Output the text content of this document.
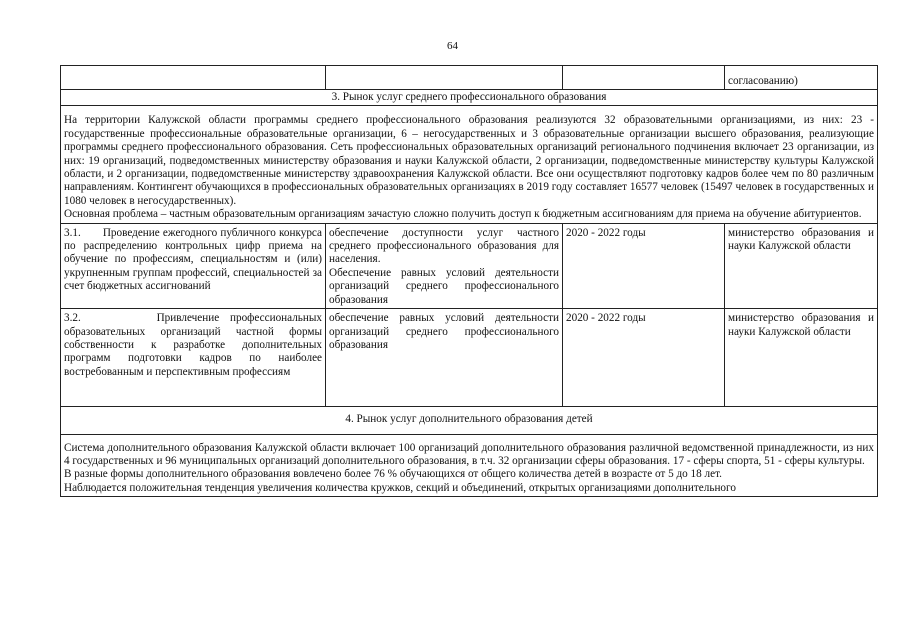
64
			согласованию)
3. Рынок услуг среднего профессионального образования			

На территории Калужской области программы среднего профессионального образования реализуются 32 образовательными организациями, из них: 23 - государственные профессиональные образовательные организации, 6 – негосударственных и 3 образовательные организации высшего образования, реализующие программы среднего профессионального образования. Сеть профессиональных образовательных организаций регионального подчинения включает 23 организации, из них: 19 организаций, подведомственных министерству образования и науки Калужской области, 2 организации, подведомственные министерству культуры Калужской области, и 2 организации, подведомственные министерству здравоохранения Калужской области. Все они осуществляют подготовку кадров более чем по 80 различным направлениям. Контингент обучающихся в профессиональных образовательных организациях в 2019 году составляет 16577 человек (15497 человек в государственных и 1080 человек в негосударственных).

Основная проблема – частным образовательным организациям зачастую сложно получить доступ к бюджетным ассигнованиям для приема на обучение абитуриентов.			

3.1.       Проведение ежегодного публичного конкурса по распределению контрольных цифр приема на обучение по профессиям, специальностям и (или) укрупненным группам профессий, специальностей за счет бюджетных ассигнований	обеспечение доступности услуг частного среднего профессионального образования для населения.
Обеспечение равных условий деятельности организаций среднего профессионального образования	2020 - 2022 годы	министерство образования и науки Калужской области
3.2.       Привлечение профессиональных образовательных организаций частной формы собственности к разработке дополнительных программ подготовки кадров по наиболее востребованным и перспективным профессиям	обеспечение равных условий деятельности организаций среднего профессионального образования	2020 - 2022 годы	министерство образования и науки Калужской области
4. Рынок услуг дополнительного образования детей			

Система дополнительного образования Калужской области включает 100 организаций дополнительного образования различной ведомственной принадлежности, из них 4 государственных и 96 муниципальных организаций дополнительного образования, в т.ч. 32 организации сферы образования. 17 - сферы спорта, 51 - сферы культуры.

В разные формы дополнительного образования вовлечено более 76 % обучающихся от общего количества детей в возрасте от 5 до 18 лет.

Наблюдается положительная тенденция увеличения количества кружков, секций и объединений, открытых организациями дополнительного			
